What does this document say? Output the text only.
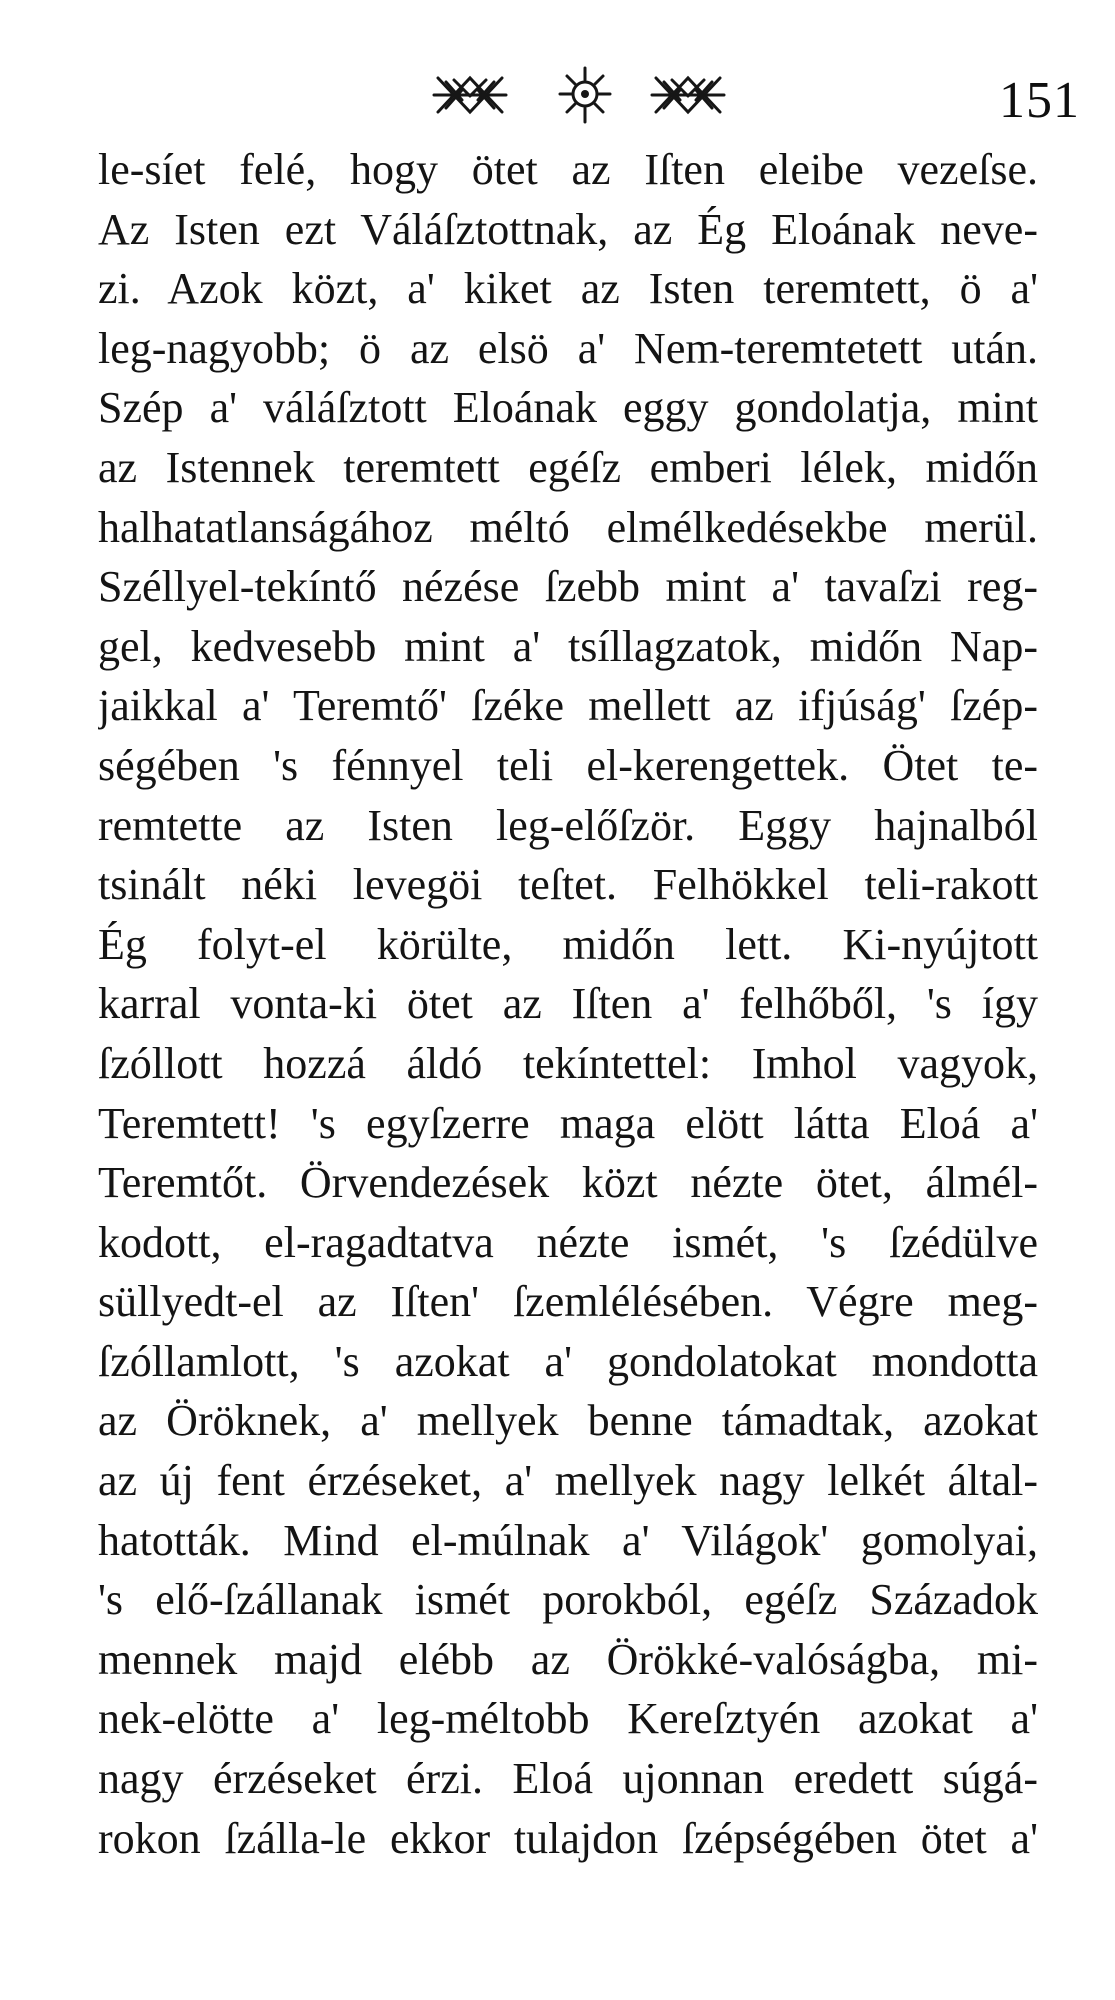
151
le-síet felé, hogy ötet az Iſten eleibe vezeſse.
Az Isten ezt Váláſztottnak, az Ég Eloának neve-
zi. Azok közt, a' kiket az Isten teremtett, ö a'
leg-nagyobb; ö az elsö a' Nem-teremtetett után.
Szép a' váláſztott Eloának eggy gondolatja, mint
az Istennek teremtett egéſz emberi lélek, midőn
halhatatlanságához méltó elmélkedésekbe merül.
Széllyel-tekíntő nézése ſzebb mint a' tavaſzi reg-
gel, kedvesebb mint a' tsíllagzatok, midőn Nap-
jaikkal a' Teremtő' ſzéke mellett az ifjúság' ſzép-
ségében 's fénnyel teli el-kerengettek. Ötet te-
remtette az Isten leg-előſzör. Eggy hajnalból
tsinált néki levegöi teſtet. Felhökkel teli-rakott
Ég folyt-el körülte, midőn lett. Ki-nyújtott
karral vonta-ki ötet az Iſten a' felhőből, 's így
ſzóllott hozzá áldó tekíntettel: Imhol vagyok,
Teremtett! 's egyſzerre maga elött látta Eloá a'
Teremtőt. Örvendezések közt nézte ötet, álmél-
kodott, el-ragadtatva nézte ismét, 's ſzédülve
süllyedt-el az Iſten' ſzemlélésében. Végre meg-
ſzóllamlott, 's azokat a' gondolatokat mondotta
az Öröknek, a' mellyek benne támadtak, azokat
az új fent érzéseket, a' mellyek nagy lelkét által-
hatották. Mind el-múlnak a' Világok' gomolyai,
's elő-ſzállanak ismét porokból, egéſz Századok
mennek majd elébb az Örökké-valóságba, mi-
nek-elötte a' leg-méltobb Kereſztyén azokat a'
nagy érzéseket érzi. Eloá ujonnan eredett súgá-
rokon ſzálla-le ekkor tulajdon ſzépségében ötet a'
